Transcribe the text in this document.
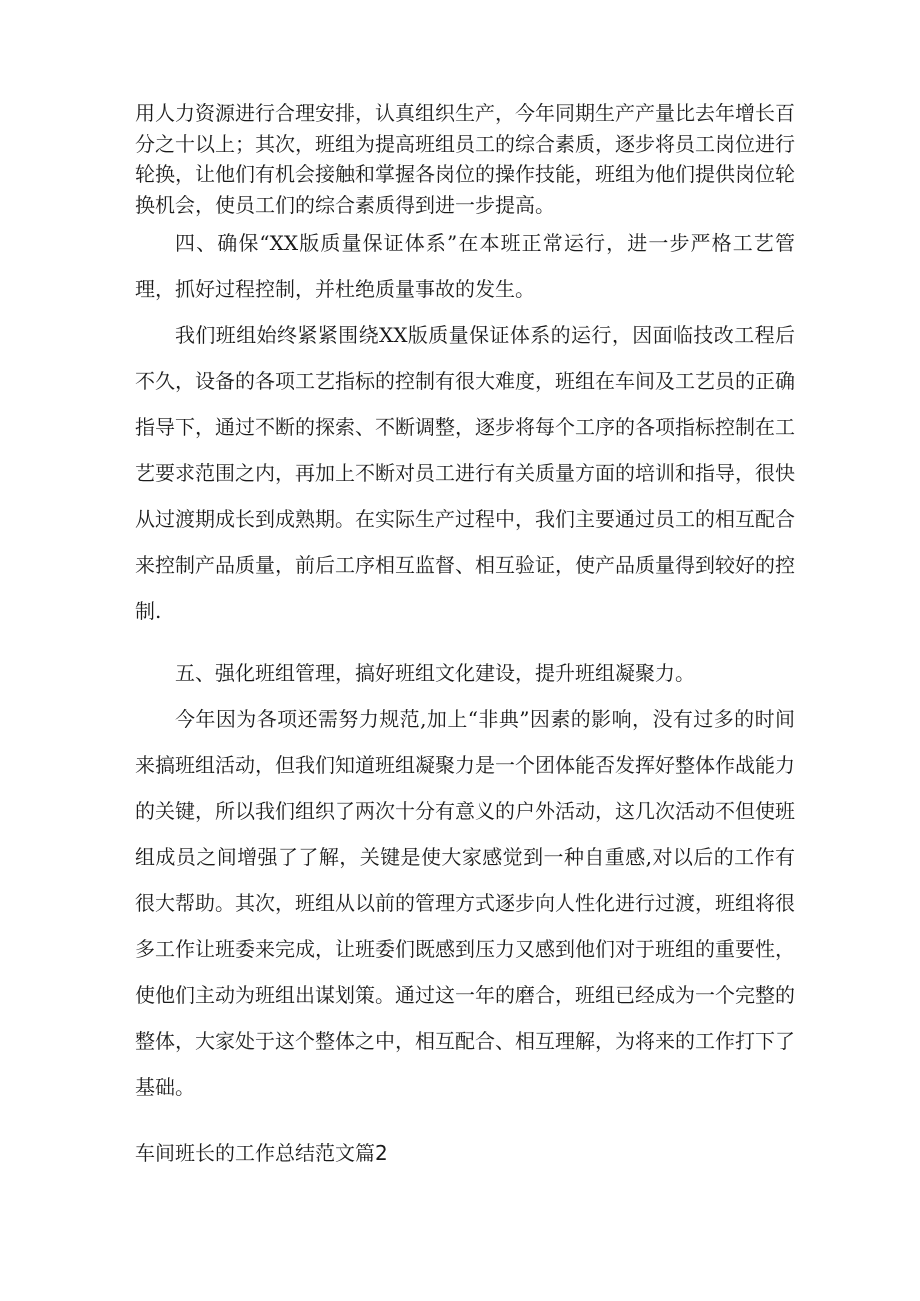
用人力资源进行合理安排，认真组织生产，今年同期生产产量比去年增长百分之十以上；其次，班组为提高班组员工的综合素质，逐步将员工岗位进行轮换，让他们有机会接触和掌握各岗位的操作技能，班组为他们提供岗位轮换机会，使员工们的综合素质得到进一步提高。

四、确保“XX版质量保证体系”在本班正常运行，进一步严格工艺管理，抓好过程控制，并杜绝质量事故的发生。

我们班组始终紧紧围绕XX版质量保证体系的运行，因面临技改工程后不久，设备的各项工艺指标的控制有很大难度，班组在车间及工艺员的正确指导下，通过不断的探索、不断调整，逐步将每个工序的各项指标控制在工艺要求范围之内，再加上不断对员工进行有关质量方面的培训和指导，很快从过渡期成长到成熟期。在实际生产过程中，我们主要通过员工的相互配合来控制产品质量，前后工序相互监督、相互验证，使产品质量得到较好的控制.

五、强化班组管理，搞好班组文化建设，提升班组凝聚力。

今年因为各项还需努力规范,加上“非典”因素的影响，没有过多的时间来搞班组活动，但我们知道班组凝聚力是一个团体能否发挥好整体作战能力的关键，所以我们组织了两次十分有意义的户外活动，这几次活动不但使班组成员之间增强了了解，关键是使大家感觉到一种自重感,对以后的工作有很大帮助。其次，班组从以前的管理方式逐步向人性化进行过渡，班组将很多工作让班委来完成，让班委们既感到压力又感到他们对于班组的重要性，使他们主动为班组出谋划策。通过这一年的磨合，班组已经成为一个完整的整体，大家处于这个整体之中，相互配合、相互理解，为将来的工作打下了基础。

车间班长的工作总结范文篇2
